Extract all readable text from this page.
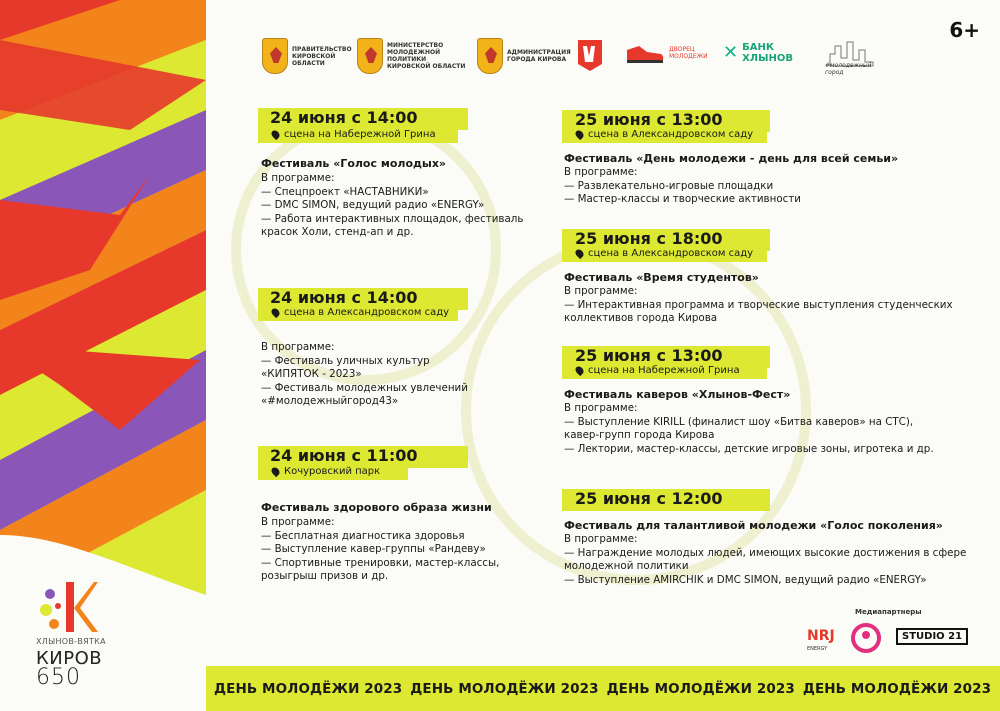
ХЛЫНОВ-ВЯТКА
КИРОВ
650
ПРАВИТЕЛЬСТВО КИРОВСКОЙ ОБЛАСТИ
МИНИСТЕРСТВО МОЛОДЕЖНОЙ ПОЛИТИКИ КИРОВСКОЙ ОБЛАСТИ
АДМИНИСТРАЦИЯ ГОРОДА КИРОВА
ДВОРЕЦ МОЛОДЕЖИ ✕ БАНК ХЛЫНОВ
#молодежный город
6+
24 июня с 14:00
сцена на Набережной Грина
Фестиваль «Голос молодых»
В программе:
— Спецпроект «НАСТАВНИКИ»
— DMC SIMON, ведущий радио «ENERGY»
— Работа интерактивных площадок, фестиваль
красок Холи, стенд-ап и др.
24 июня с 14:00
сцена в Александровском саду
В программе:
— Фестиваль уличных культур
«КИПЯТОК - 2023»
— Фестиваль молодежных увлечений
«#молодежныйгород43»
24 июня с 11:00
Кочуровский парк
Фестиваль здорового образа жизни
В программе:
— Бесплатная диагностика здоровья
— Выступление кавер-группы «Рандеву»
— Спортивные тренировки, мастер-классы,
розыгрыш призов и др.
25 июня с 13:00
сцена в Александровском саду
Фестиваль «День молодежи - день для всей семьи»
В программе:
— Развлекательно-игровые площадки
— Мастер-классы и творческие активности
25 июня с 18:00
сцена в Александровском саду
Фестиваль «Время студентов»
В программе:
— Интерактивная программа и творческие выступления студенческих
коллективов города Кирова
25 июня с 13:00
сцена на Набережной Грина
Фестиваль каверов «Хлынов-Фест»
В программе:
— Выступление KIRILL (финалист шоу «Битва каверов» на СТС),
кавер-групп города Кирова
— Лектории, мастер-классы, детские игровые зоны, игротека и др.
25 июня с 12:00
Фестиваль для талантливой молодежи «Голос поколения»
В программе:
— Награждение молодых людей, имеющих высокие достижения в сфере
молодежной политики
— Выступление AMIRCHIK и DMC SIMON, ведущий радио «ENERGY»
Медиапартнеры
NRJ
ENERGY
STUDIO 21
ДЕНЬ МОЛОДЁЖИ 2023 ДЕНЬ МОЛОДЁЖИ 2023 ДЕНЬ МОЛОДЁЖИ 2023 ДЕНЬ МОЛОДЁЖИ 2023
